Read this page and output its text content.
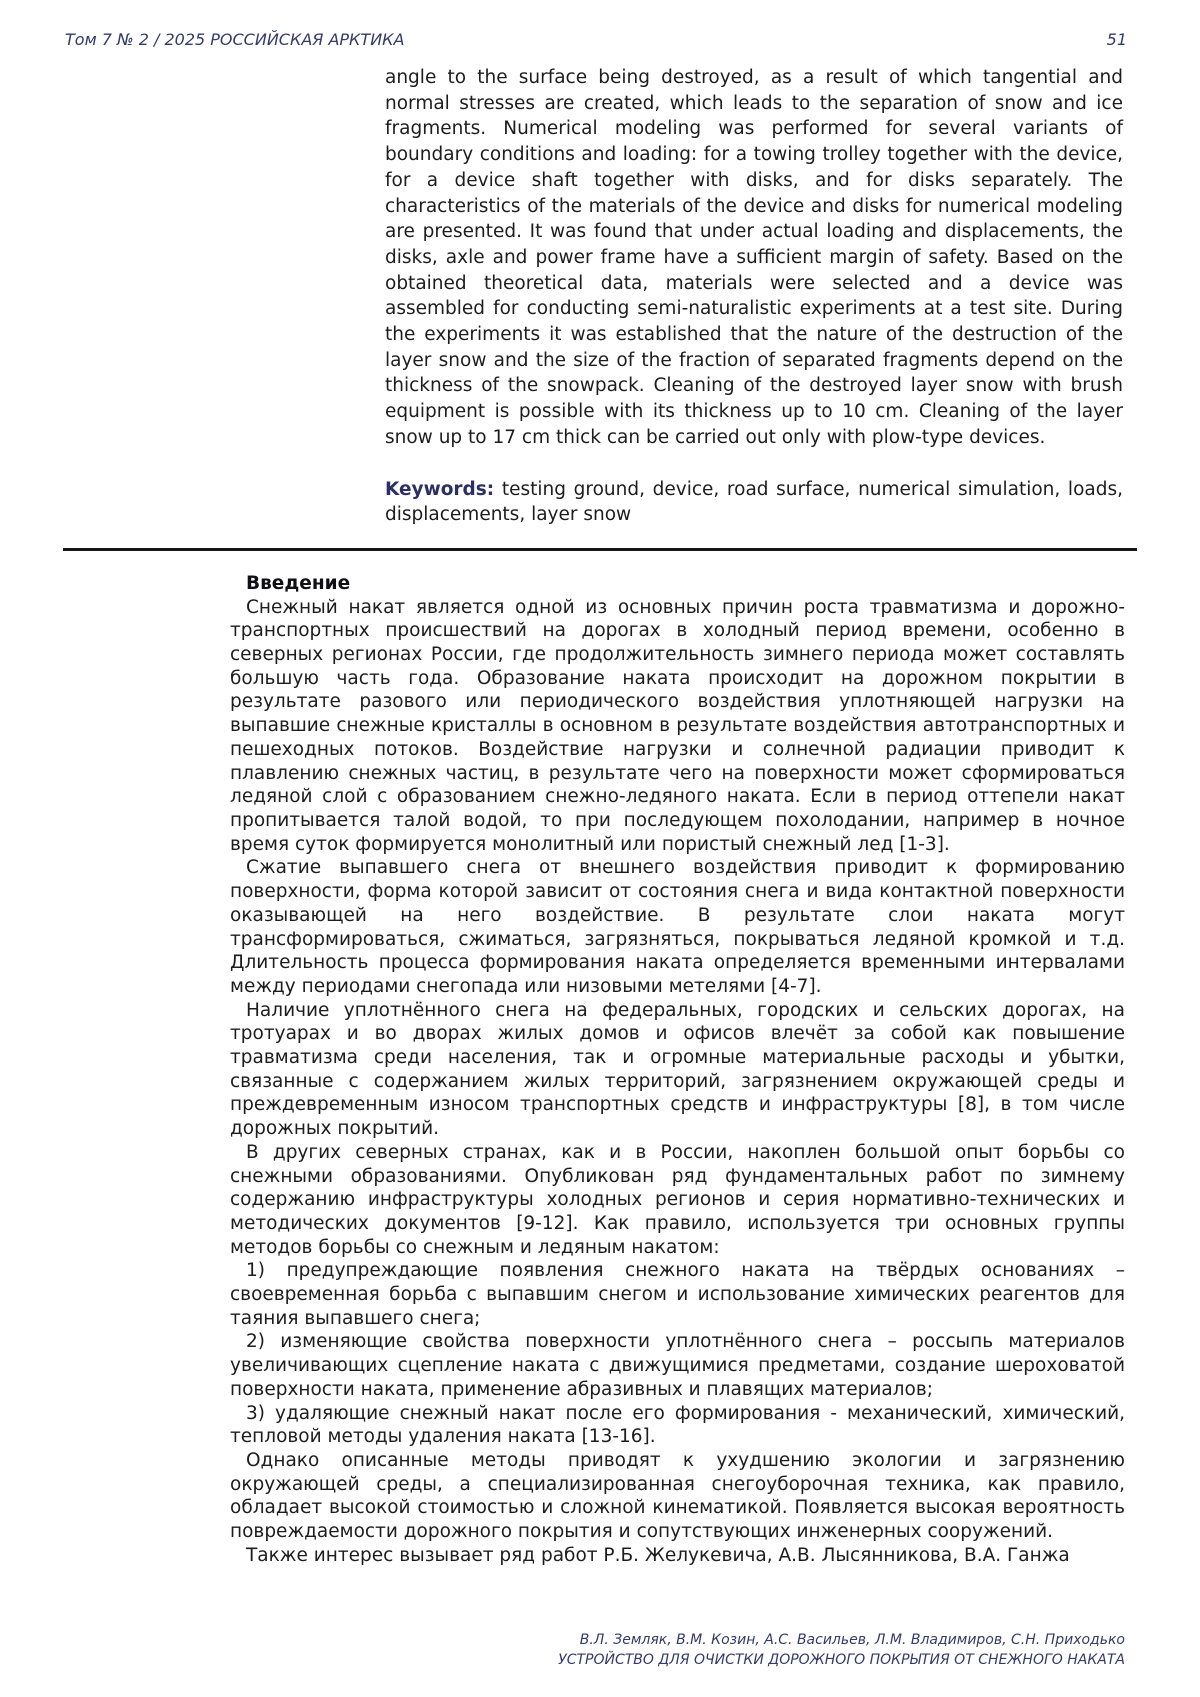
Том 7 № 2 / 2025 РОССИЙСКАЯ АРКТИКА	51

angle to the surface being destroyed, as a result of which tangential and normal stresses are created, which leads to the separation of snow and ice fragments. Numerical modeling was performed for several variants of boundary conditions and loading: for a towing trolley together with the device, for a device shaft together with disks, and for disks separately. The characteristics of the materials of the device and disks for numerical modeling are presented. It was found that under actual loading and displacements, the disks, axle and power frame have a sufficient margin of safety. Based on the obtained theoretical data, materials were selected and a device was assembled for conducting semi-naturalistic experiments at a test site. During the experiments it was established that the nature of the destruction of the layer snow and the size of the fraction of separated fragments depend on the thickness of the snowpack. Cleaning of the destroyed layer snow with brush equipment is possible with its thickness up to 10 cm. Cleaning of the layer snow up to 17 cm thick can be carried out only with plow-type devices.

Keywords: testing ground, device, road surface, numerical simulation, loads, displacements, layer snow

Введение

Снежный накат является одной из основных причин роста травматизма и дорожно-транспортных происшествий на дорогах в холодный период времени, особенно в северных регионах России, где продолжительность зимнего периода может составлять большую часть года. Образование наката происходит на дорожном покрытии в результате разового или периодического воздействия уплотняющей нагрузки на выпавшие снежные кристаллы в основном в результате воздействия автотранспортных и пешеходных потоков. Воздействие нагрузки и солнечной радиации приводит к плавлению снежных частиц, в результате чего на поверхности может сформироваться ледяной слой с образованием снежно-ледяного наката. Если в период оттепели накат пропитывается талой водой, то при последующем похолодании, например в ночное время суток формируется монолитный или пористый снежный лед [1-3].

Сжатие выпавшего снега от внешнего воздействия приводит к формированию поверхности, форма которой зависит от состояния снега и вида контактной поверхности оказывающей на него воздействие. В результате слои наката могут трансформироваться, сжиматься, загрязняться, покрываться ледяной кромкой и т.д. Длительность процесса формирования наката определяется временными интервалами между периодами снегопада или низовыми метелями [4-7].

Наличие уплотнённого снега на федеральных, городских и сельских дорогах, на тротуарах и во дворах жилых домов и офисов влечёт за собой как повышение травматизма среди населения, так и огромные материальные расходы и убытки, связанные с содержанием жилых территорий, загрязнением окружающей среды и преждевременным износом транспортных средств и инфраструктуры [8], в том числе дорожных покрытий.

В других северных странах, как и в России, накоплен большой опыт борьбы со снежными образованиями. Опубликован ряд фундаментальных работ по зимнему содержанию инфраструктуры холодных регионов и серия нормативно-технических и методических документов [9-12]. Как правило, используется три основных группы методов борьбы со снежным и ледяным накатом:

1) предупреждающие появления снежного наката на твёрдых основаниях – своевременная борьба с выпавшим снегом и использование химических реагентов для таяния выпавшего снега;

2) изменяющие свойства поверхности уплотнённого снега – россыпь материалов увеличивающих сцепление наката с движущимися предметами, создание шероховатой поверхности наката, применение абразивных и плавящих материалов;

3) удаляющие снежный накат после его формирования - механический, химический, тепловой методы удаления наката [13-16].

Однако описанные методы приводят к ухудшению экологии и загрязнению окружающей среды, а специализированная снегоуборочная техника, как правило, обладает высокой стоимостью и сложной кинематикой. Появляется высокая вероятность повреждаемости дорожного покрытия и сопутствующих инженерных сооружений.

Также интерес вызывает ряд работ Р.Б. Желукевича, А.В. Лысянникова, В.А. Ганжа

В.Л. Земляк, В.М. Козин, А.С. Васильев, Л.М. Владимиров, С.Н. Приходько
УСТРОЙСТВО ДЛЯ ОЧИСТКИ ДОРОЖНОГО ПОКРЫТИЯ ОТ СНЕЖНОГО НАКАТА
